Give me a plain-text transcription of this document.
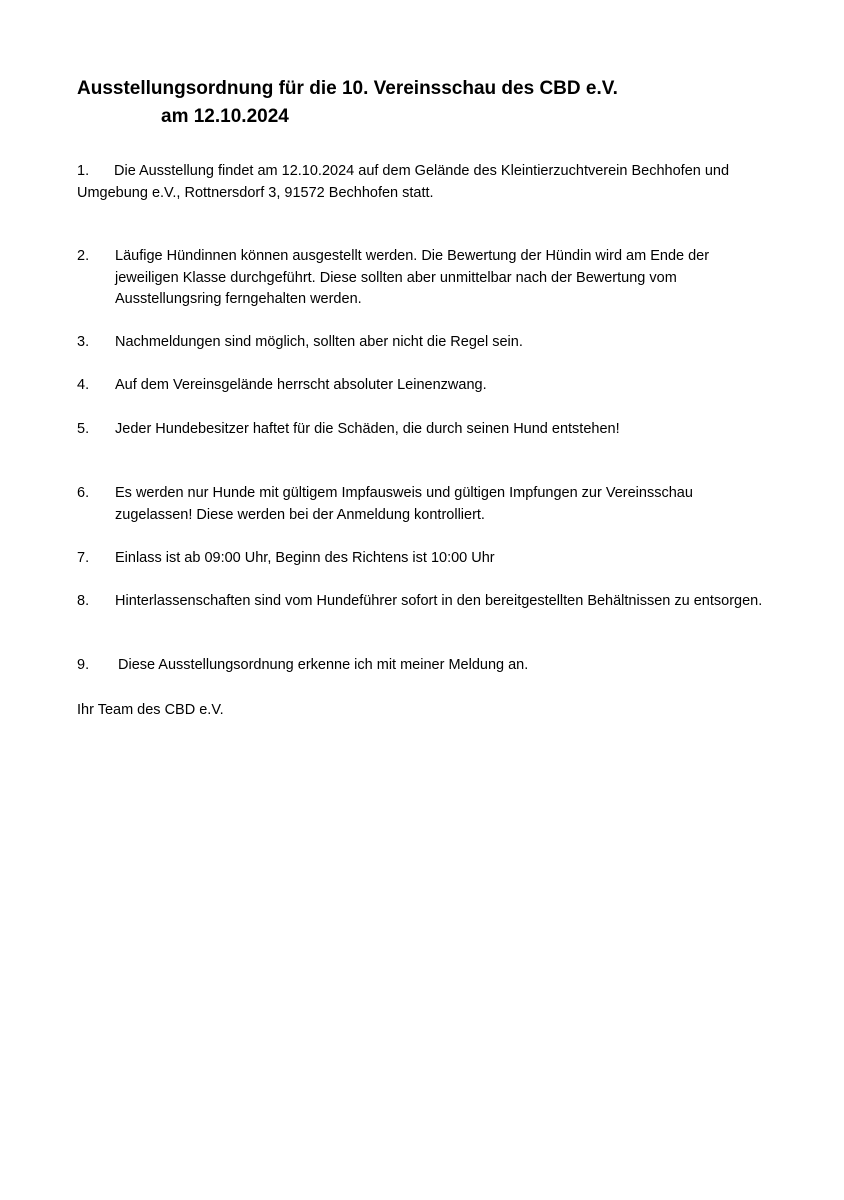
Ausstellungsordnung für die 10. Vereinsschau des CBD e.V.
am 12.10.2024
1.	Die Ausstellung findet am 12.10.2024 auf dem Gelände des Kleintierzuchtverein Bechhofen und Umgebung e.V., Rottnersdorf 3, 91572 Bechhofen statt.
2.	Läufige Hündinnen können ausgestellt werden. Die Bewertung der Hündin wird am Ende der jeweiligen Klasse durchgeführt. Diese sollten aber unmittelbar nach der Bewertung vom Ausstellungsring ferngehalten werden.
3.	Nachmeldungen sind möglich, sollten aber nicht die Regel sein.
4.	Auf dem Vereinsgelände herrscht absoluter Leinenzwang.
5.	Jeder Hundebesitzer haftet für die Schäden, die durch seinen Hund entstehen!
6.	Es werden nur Hunde mit gültigem Impfausweis und gültigen Impfungen zur Vereinsschau zugelassen! Diese werden bei der Anmeldung kontrolliert.
7.	Einlass ist ab 09:00 Uhr, Beginn des Richtens ist 10:00 Uhr
8.	Hinterlassenschaften sind vom Hundeführer sofort in den bereitgestellten Behältnissen zu entsorgen.
9.	Diese Ausstellungsordnung erkenne ich mit meiner Meldung an.
Ihr Team des CBD e.V.
